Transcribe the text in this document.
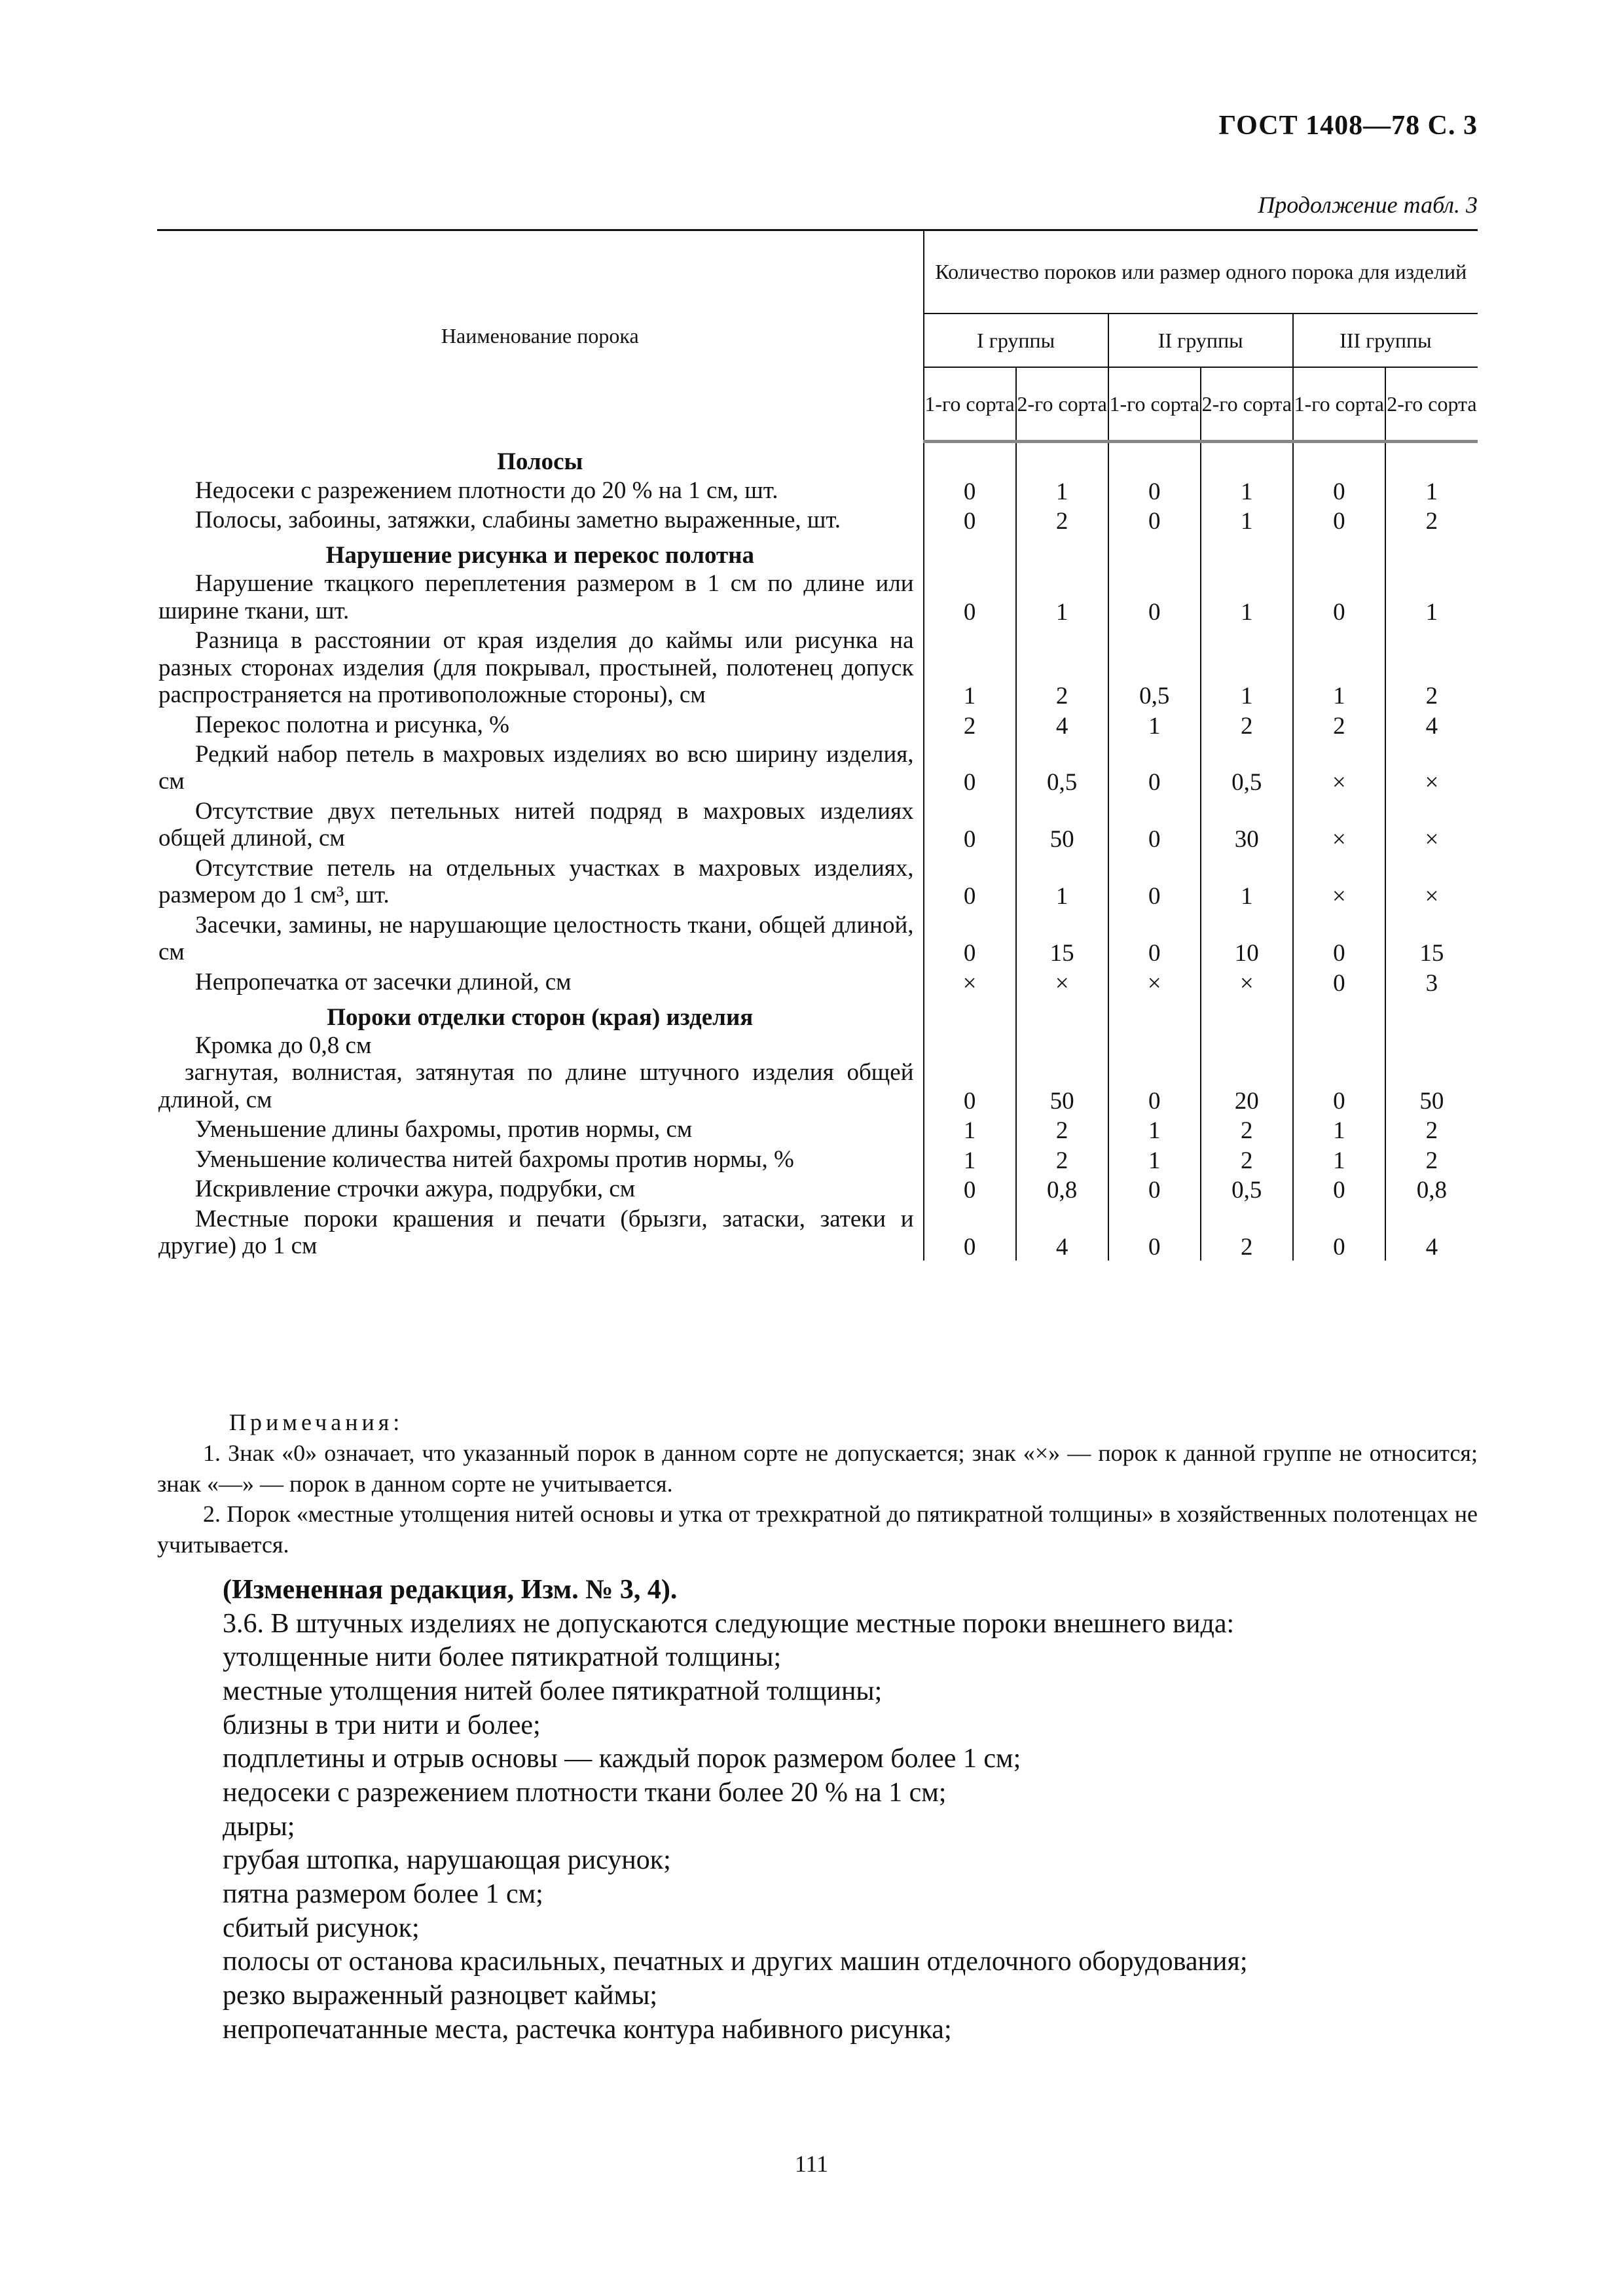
ГОСТ 1408—78 С. 3
Продолжение табл. 3
Наименование порока	Количество пороков или размер одного порока для изделий					
	I группы		II группы		III группы	
	1-го сорта	2-го сорта	1-го сорта	2-го сорта	1-го сорта	2-го сорта
Полосы						

Недосеки с разрежением плотности до 20 % на 1 см, шт.	0	1	0	1	0	1

Полосы, забоины, затяжки, слабины заметно выраженные, шт.	0	2	0	1	0	2
Нарушение рисунка и перекос полотна						

Нарушение ткацкого переплетения размером в 1 см по длине или ширине ткани, шт.	0	1	0	1	0	1

Разница в расстоянии от края изделия до каймы или рисунка на разных сторонах изделия (для покрывал, простыней, полотенец допуск распространяется на противоположные стороны), см	1	2	0,5	1	1	2

Перекос полотна и рисунка, %	2	4	1	2	2	4

Редкий набор петель в махровых изделиях во всю ширину изделия, см	0	0,5	0	0,5	×	×

Отсутствие двух петельных нитей подряд в махровых изделиях общей длиной, см	0	50	0	30	×	×

Отсутствие петель на отдельных участках в махровых изделиях, размером до 1 см³, шт.	0	1	0	1	×	×

Засечки, замины, не нарушающие целостность ткани, общей длиной, см	0	15	0	10	0	15

Непропечатка от засечки длиной, см	×	×	×	×	0	3
Пороки отделки сторон (края) изделия						

Кромка до 0,8 см
загнутая, волнистая, затянутая по длине штучного изделия общей длиной, см	0	50	0	20	0	50

Уменьшение длины бахромы, против нормы, см	1	2	1	2	1	2

Уменьшение количества нитей бахромы против нормы, %	1	2	1	2	1	2

Искривление строчки ажура, подрубки, см	0	0,8	0	0,5	0	0,8

Местные пороки крашения и печати (брызги, затаски, затеки и другие) до 1 см	0	4	0	2	0	4
Примечания:

1. Знак «0» означает, что указанный порок в данном сорте не допускается; знак «×» — порок к данной группе не относится; знак «—» — порок в данном сорте не учитывается.

2. Порок «местные утолщения нитей основы и утка от трехкратной до пятикратной толщины» в хозяйственных полотенцах не учитывается.

(Измененная редакция, Изм. № 3, 4).

3.6. В штучных изделиях не допускаются следующие местные пороки внешнего вида:

утолщенные нити более пятикратной толщины;

местные утолщения нитей более пятикратной толщины;

близны в три нити и более;

подплетины и отрыв основы — каждый порок размером более 1 см;

недосеки с разрежением плотности ткани более 20 % на 1 см;

дыры;

грубая штопка, нарушающая рисунок;

пятна размером более 1 см;

сбитый рисунок;

полосы от останова красильных, печатных и других машин отделочного оборудования;

резко выраженный разноцвет каймы;

непропечатанные места, растечка контура набивного рисунка;

111
